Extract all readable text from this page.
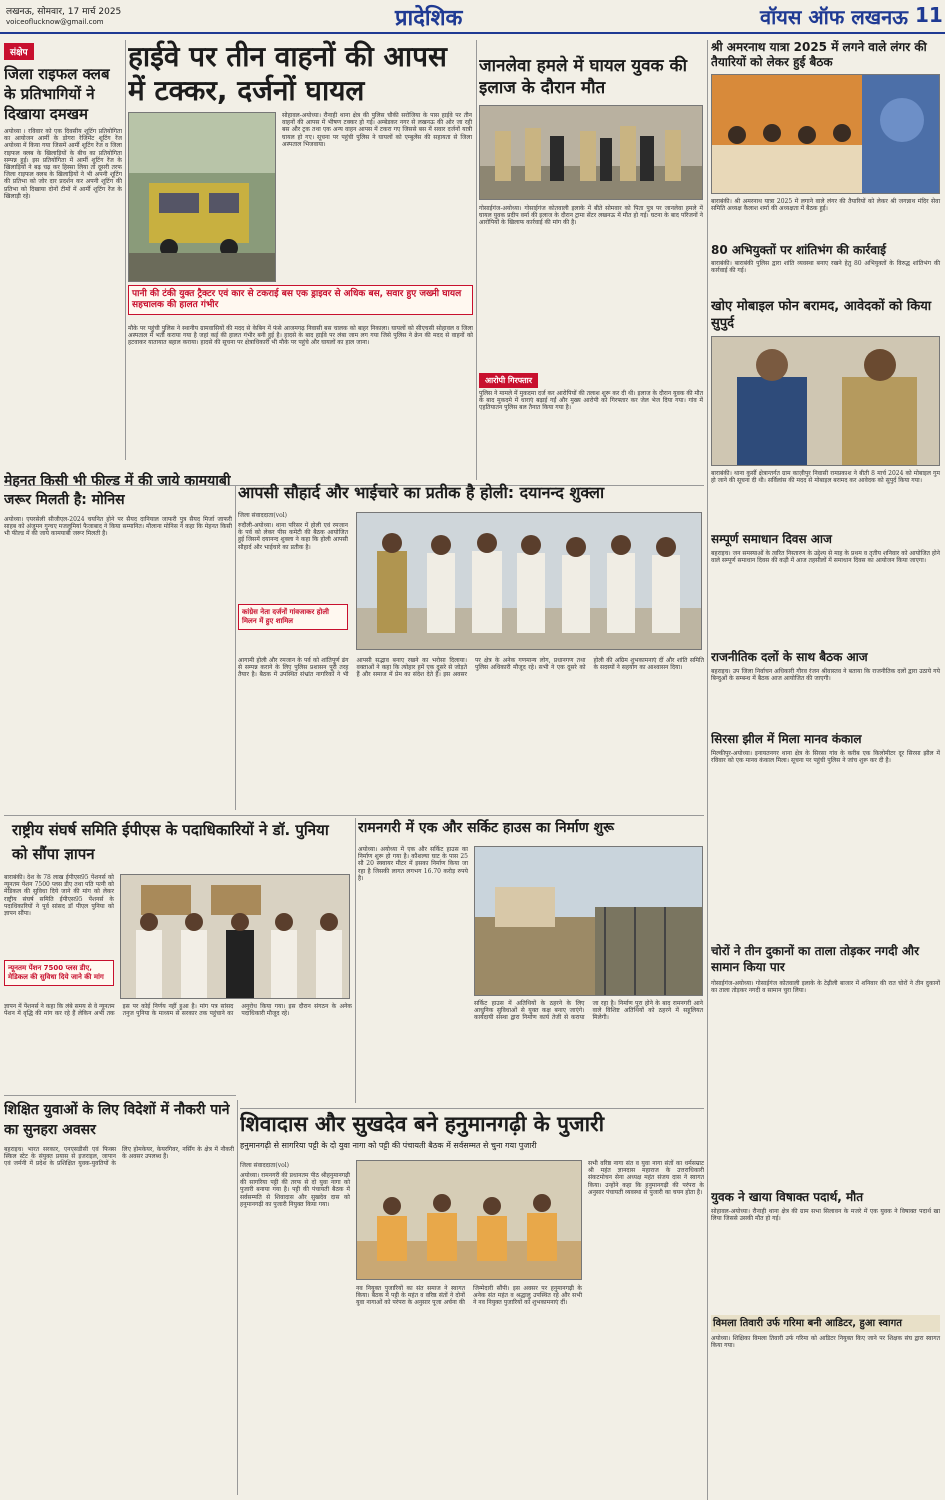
लखनऊ, सोमवार, 17 मार्च 2025
voiceoflucknow@gmail.com	प्रादेशिक	वॉयस ऑफ लखनऊ 11
संक्षेप
जिला राइफल क्लब के प्रतिभागियों ने दिखाया दमखम
अयोध्या । रविवार को एक दिवसीय शूटिंग प्रतियोगिता का आयोजन आर्मी के डोगरा रेजिमेंट शूटिंग रेंज अयोध्या में किया गया जिसमें आर्मी शूटिंग रेंज व जिला राइफल क्लब के खिलाड़ियों के बीच का प्रतियोगिता सम्पन्न हुई। इस प्रतियोगिता में आर्मी शूटिंग रेंज के खिलाड़ियों ने बढ़ चढ़ कर हिस्सा लिया तो दूसरी तरफ जिला राइफल क्लब के खिलाड़ियों ने भी अपनी शूटिंग की प्रतिभा को जोर दार प्रदर्शन कर अपनी शूटिंग की प्रतिभा को दिखाया दोनों टीमों में आर्मी शूटिंग रेंज के खिलाड़ी रहे।
हाईवे पर तीन वाहनों की आपस में टक्कर, दर्जनों घायल
सोहावल-अयोध्या। रौनाही थाना क्षेत्र की पुलिस चौकी सरोजिया के पास हाईवे पर तीन वाहनों की आपस में भीषण टक्कर हो गई। अम्बेडकर नगर से लखनऊ की ओर जा रही बस और ट्रक तथा एक अन्य वाहन आपस में टकरा गए जिससे बस में सवार दर्जनों यात्री घायल हो गए। सूचना पर पहुंची पुलिस ने घायलों को एम्बुलेंस की सहायता से जिला अस्पताल भिजवाया।
पानी की टंकी युक्त ट्रैक्टर एवं कार से टकराई बस एक ड्राइवर से अधिक बस, सवार हुए जख्मी घायल सहचालक की हालत गंभीर
मौके पर पहुंची पुलिस ने स्थानीय ग्रामवासियों की मदद से केबिन में फंसे आजमगढ़ निवासी बस चालक को बाहर निकाला। घायलों को सीएचसी सोहावल व जिला अस्पताल में भर्ती कराया गया है जहां कई की हालत गंभीर बनी हुई है। हादसे के बाद हाईवे पर लंबा जाम लग गया जिसे पुलिस ने क्रेन की मदद से वाहनों को हटवाकर यातायात बहाल कराया। हादसे की सूचना पर क्षेत्राधिकारी भी मौके पर पहुंचे और घायलों का हाल जाना।
जानलेवा हमले में घायल युवक की इलाज के दौरान मौत
गोसाईगंज-अयोध्या। गोसाईगंज कोतवाली इलाके में बीते सोमवार को पिता पुत्र पर जानलेवा हमले में घायल युवक प्रदीप वर्मा की इलाज के दौरान ट्रामा सेंटर लखनऊ में मौत हो गई। घटना के बाद परिजनों ने आरोपियों के खिलाफ कार्रवाई की मांग की है।
आरोपी गिरफ्तार
पुलिस ने मामले में मुकदमा दर्ज कर आरोपियों की तलाश शुरू कर दी थी। इलाज के दौरान युवक की मौत के बाद मुकदमे में धाराएं बढ़ाई गईं और मुख्य आरोपी को गिरफ्तार कर जेल भेज दिया गया। गांव में एहतियातन पुलिस बल तैनात किया गया है।
श्री अमरनाथ यात्रा 2025 में लगने वाले लंगर की तैयारियों को लेकर हुई बैठक
बाराबंकी। श्री अमरनाथ यात्रा 2025 में लगाने वाले लंगर की तैयारियों को लेकर श्री जगन्नाथ मंदिर सेवा समिति अध्यक्ष कैलाश शर्मा की अध्यक्षता में बैठक हुई।
80 अभियुक्तों पर शांतिभंग की कार्रवाई
बाराबंकी। बाराबंकी पुलिस द्वारा शांति व्यवस्था बनाए रखने हेतु 80 अभियुक्तों के विरुद्ध शांतिभंग की कार्रवाई की गई।
खोए मोबाइल फोन बरामद, आवेदकों को किया सुपुर्द
बाराबंकी। थाना कुर्सी क्षेत्रान्तर्गत ग्राम काज़ीपुर निवासी रामप्रकाश ने बीती 8 मार्च 2024 को मोबाइल गुम हो जाने की सूचना दी थी। सर्विलांस की मदद से मोबाइल बरामद कर आवेदक को सुपुर्द किया गया।
सम्पूर्ण समाधान दिवस आज
बहराइच। जन समस्याओं के त्वरित निस्तारण के उद्देश्य से माह के प्रथम व तृतीय शनिवार को आयोजित होने वाले सम्पूर्ण समाधान दिवस की कड़ी में आज तहसीलों में समाधान दिवस का आयोजन किया जाएगा।
राजनीतिक दलों के साथ बैठक आज
बहराइच। उप जिला निर्वाचन अधिकारी गौरव रंजन श्रीवास्तव ने बताया कि राजनीतिक दलों द्वारा उठाये गये बिन्दुओं के सम्बन्ध में बैठक आज आयोजित की जाएगी।
सिरसा झील में मिला मानव कंकाल
मिल्कीपुर-अयोध्या। इनायतनगर थाना क्षेत्र के सिरसा गांव के करीब एक किलोमीटर दूर सिरसा झील में रविवार को एक मानव कंकाल मिला। सूचना पर पहुंची पुलिस ने जांच शुरू कर दी है।
चोरों ने तीन दुकानों का ताला तोड़कर नगदी और सामान किया पार
गोसाईगंज-अयोध्या। गोसाईगंज कोतवाली इलाके के टेढ़ीली बाजार में शनिवार की रात चोरों ने तीन दुकानों का ताला तोड़कर नगदी व सामान चुरा लिया।
युवक ने खाया विषाक्त पदार्थ, मौत
सोहावल-अयोध्या। रौनाही थाना क्षेत्र की ग्राम सभा सिलावन के मजरे में एक युवक ने विषाक्त पदार्थ खा लिया जिससे उसकी मौत हो गई।
विमला तिवारी उर्फ गरिमा बनी आडिटर, हुआ स्वागत
अयोध्या। शिक्षिका विमला तिवारी उर्फ गरिमा को आडिटर नियुक्त किए जाने पर शिक्षक संघ द्वारा स्वागत किया गया।
मेहनत किसी भी फील्ड में की जाये कामयाबी जरूर मिलती है: मोनिस
अयोध्या। एयरसेली सीजीएल-2024 चयनित होने पर सैयद दानियाल जाफरी पुत्र सैयद मिर्जा जाफरी साहब को अंजुमन गुन्चए मजलूमियां फैजाबाद ने किया सम्मानित। मौलाना मोनिस ने कहा कि मेहनत किसी भी फील्ड में की जाये कामयाबी जरूर मिलती है।
आपसी सौहार्द और भाईचारे का प्रतीक है होली: दयानन्द शुक्ला
जिला संवाददाता(vol)
रुदौली-अयोध्या। थाना परिसर में होली एवं रमजान के पर्व को लेकर पीस कमेटी की बैठक आयोजित हुई जिसमें दयानन्द शुक्ला ने कहा कि होली आपसी सौहार्द और भाईचारे का प्रतीक है।
कांग्रेस नेता दर्जनों गांवजाकर होली मिलन में हुए शामिल
आगामी होली और रमजान के पर्व को शांतिपूर्ण ढंग से सम्पन्न कराने के लिए पुलिस प्रशासन पूरी तरह तैयार है। बैठक में उपस्थित संभ्रांत नागरिकों ने भी आपसी सद्भाव बनाए रखने का भरोसा दिलाया। वक्ताओं ने कहा कि त्योहार हमें एक दूसरे से जोड़ते हैं और समाज में प्रेम का संदेश देते हैं। इस अवसर पर क्षेत्र के अनेक गणमान्य लोग, प्रधानगण तथा पुलिस अधिकारी मौजूद रहे। सभी ने एक दूसरे को होली की अग्रिम शुभकामनाएं दीं और शांति समिति के सदस्यों ने सहयोग का आश्वासन दिया।
राष्ट्रीय संघर्ष समिति ईपीएस के पदाधिकारियों ने डॉ. पुनिया को सौंपा ज्ञापन
बाराबंकी। देश के 78 लाख ईपीएस95 पेंशनर्स को न्यूनतम पेंशन 7500 प्लस डीए तथा पति पत्नी को मेडिकल की सुविधा दिये जाने की मांग को लेकर राष्ट्रीय संघर्ष समिति ईपीएस95 पेंशनर्स के पदाधिकारियों ने पूर्व सांसद डॉ पीएल पुनिया को ज्ञापन सौंपा।
न्यूनतम पेंशन 7500 प्लस डीए, मेडिकल की सुविधा दिये जाने की मांग
ज्ञापन में पेंशनर्स ने कहा कि लंबे समय से वे न्यूनतम पेंशन में वृद्धि की मांग कर रहे हैं लेकिन अभी तक इस पर कोई निर्णय नहीं हुआ है। मांग पत्र सांसद तनुज पुनिया के माध्यम से सरकार तक पहुंचाने का अनुरोध किया गया। इस दौरान संगठन के अनेक पदाधिकारी मौजूद रहे।
रामनगरी में एक और सर्किट हाउस का निर्माण शुरू
अयोध्या। अयोध्या में एक और सर्किट हाउस का निर्माण शुरू हो गया है। कौशल्या घाट के पास 25 सौ 20 स्क्वायर मीटर में इसका निर्माण किया जा रहा है जिसकी लागत लगभग 16.70 करोड़ रुपये है।
सर्किट हाउस में अतिथियों के ठहरने के लिए आधुनिक सुविधाओं से युक्त कक्ष बनाए जाएंगे। कार्यदायी संस्था द्वारा निर्माण कार्य तेजी से कराया जा रहा है। निर्माण पूरा होने के बाद रामनगरी आने वाले विशिष्ट अतिथियों को ठहरने में सहूलियत मिलेगी।
शिक्षित युवाओं के लिए विदेशों में नौकरी पाने का सुनहरा अवसर
बहराइच। भारत सरकार, एनएसडीसी एवं फिक्स स्किल स्टेट के संयुक्त प्रयास से इजराइल, जापान एवं जर्मनी में प्रदेश के प्रशिक्षित युवक-युवतियों के लिए होमकेयर, केयरगिवर, नर्सिंग के क्षेत्र में नौकरी के अवसर उपलब्ध हैं।
शिवादास और सुखदेव बने हनुमानगढ़ी के पुजारी
हनुमानगढ़ी से सागरिया पट्टी के दो युवा नागा को पट्टी की पंचायती बैठक में सर्वसम्मत से चुना गया पुजारी
जिला संवाददाता(vol)
अयोध्या। रामनगरी की प्रधानतम पीठ श्रीहनुमानगढ़ी की सागरिया पट्टी की तरफ से दो युवा नागा को पुजारी बनाया गया है। पट्टी की पंचायती बैठक में सर्वसम्मति से शिवादास और सुखदेव दास को हनुमानगढ़ी का पुजारी नियुक्त किया गया।
नव नियुक्त पुजारियों का संत समाज ने स्वागत किया। बैठक में पट्टी के महंत व वरिष्ठ संतों ने दोनों युवा नागाओं को परंपरा के अनुसार पूजा अर्चना की जिम्मेदारी सौंपी। इस अवसर पर हनुमानगढ़ी के अनेक संत महंत व श्रद्धालु उपस्थित रहे और सभी ने नव नियुक्त पुजारियों को शुभकामनाएं दीं।
सभी वरिष्ठ नागा संत व युवा नागा संतों का धर्मसम्राट श्री महंत ज्ञानदास महाराज के उत्तराधिकारी संकटमोचन सेना अध्यक्ष महंत संजय दास ने स्वागत किया। उन्होंने कहा कि हनुमानगढ़ी की परंपरा के अनुसार पंचायती व्यवस्था से पुजारी का चयन होता है।
